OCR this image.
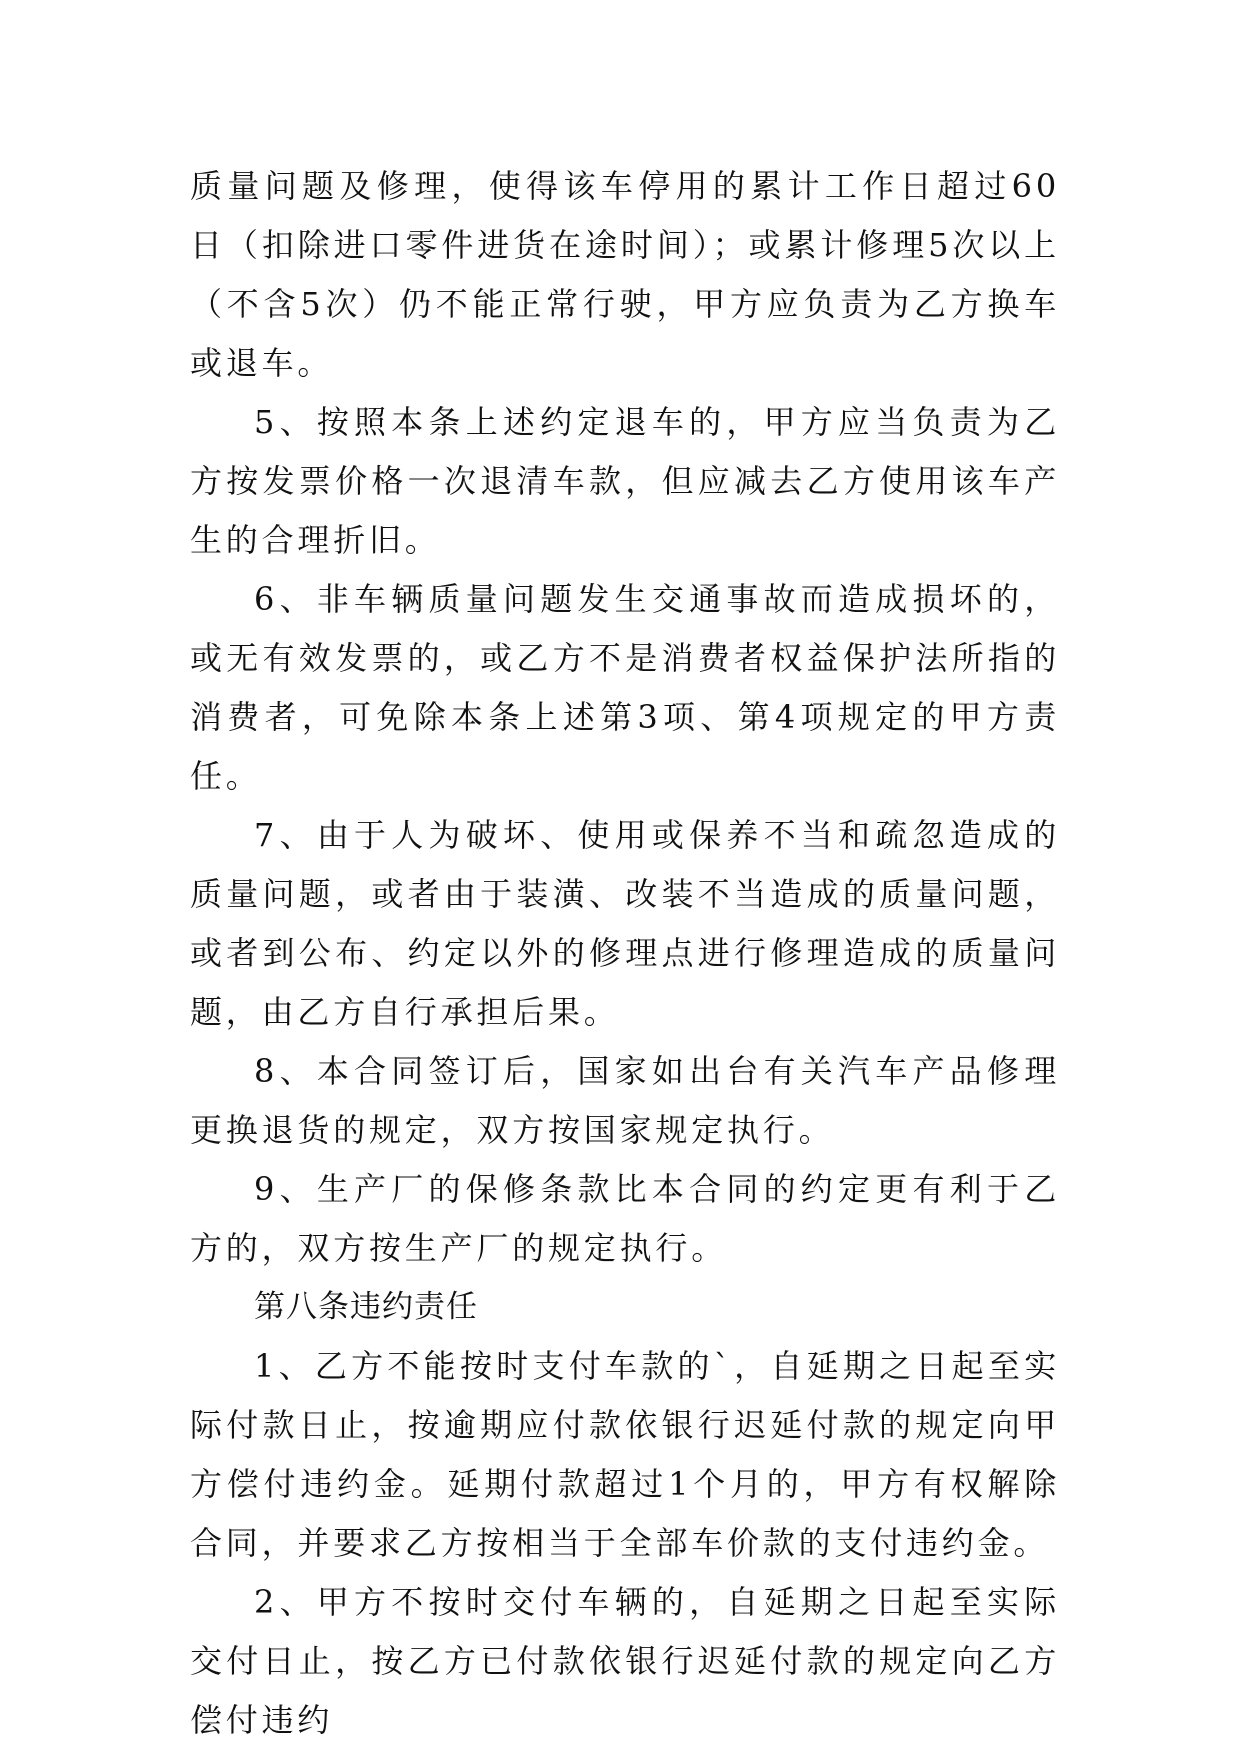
质量问题及修理，使得该车停用的累计工作日超过60日（扣除进口零件进货在途时间）；或累计修理5次以上（不含5次）仍不能正常行驶，甲方应负责为乙方换车或退车。

5、按照本条上述约定退车的，甲方应当负责为乙方按发票价格一次退清车款，但应减去乙方使用该车产生的合理折旧。

6、非车辆质量问题发生交通事故而造成损坏的，或无有效发票的，或乙方不是消费者权益保护法所指的消费者，可免除本条上述第3项、第4项规定的甲方责任。

7、由于人为破坏、使用或保养不当和疏忽造成的质量问题，或者由于装潢、改装不当造成的质量问题，或者到公布、约定以外的修理点进行修理造成的质量问题，由乙方自行承担后果。

8、本合同签订后，国家如出台有关汽车产品修理更换退货的规定，双方按国家规定执行。

9、生产厂的保修条款比本合同的约定更有利于乙方的，双方按生产厂的规定执行。

第八条违约责任

1、乙方不能按时支付车款的`，自延期之日起至实际付款日止，按逾期应付款依银行迟延付款的规定向甲方偿付违约金。延期付款超过1个月的，甲方有权解除合同，并要求乙方按相当于全部车价款的支付违约金。

2、甲方不按时交付车辆的，自延期之日起至实际交付日止，按乙方已付款依银行迟延付款的规定向乙方偿付违约
